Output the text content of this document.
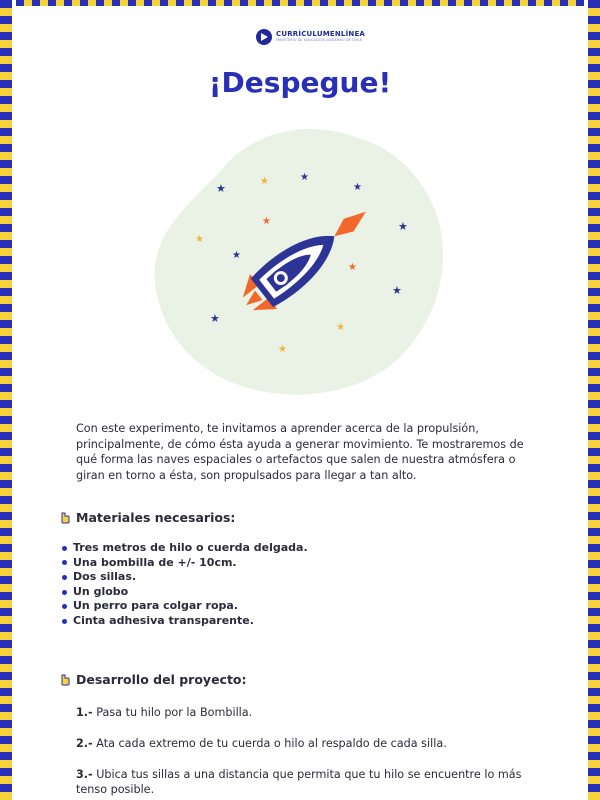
CURRÍCULUMENLÍNEA
MINISTERIO DE EDUCACIÓN GOBIERNO DE CHILE
¡Despegue!
★
★	★
★
★
★
★
★
★
★
★
★
★

Con este experimento, te invitamos a aprender acerca de la propulsión, principalmente, de cómo ésta ayuda a generar movimiento. Te mostraremos de qué forma las naves espaciales o artefactos que salen de nuestra atmósfera o giran en torno a ésta, son propulsados para llegar a tan alto.

Materiales necesarios:
Tres metros de hilo o cuerda delgada.
Una bombilla de +/- 10cm.
Dos sillas.
Un globo
Un perro para colgar ropa.
Cinta adhesiva transparente.
Desarrollo del proyecto:
1.- Pasa tu hilo por la Bombilla.
2.- Ata cada extremo de tu cuerda o hilo al respaldo de cada silla.
3.- Ubica tus sillas a una distancia que permita que tu hilo se encuentre lo más tenso posible.
